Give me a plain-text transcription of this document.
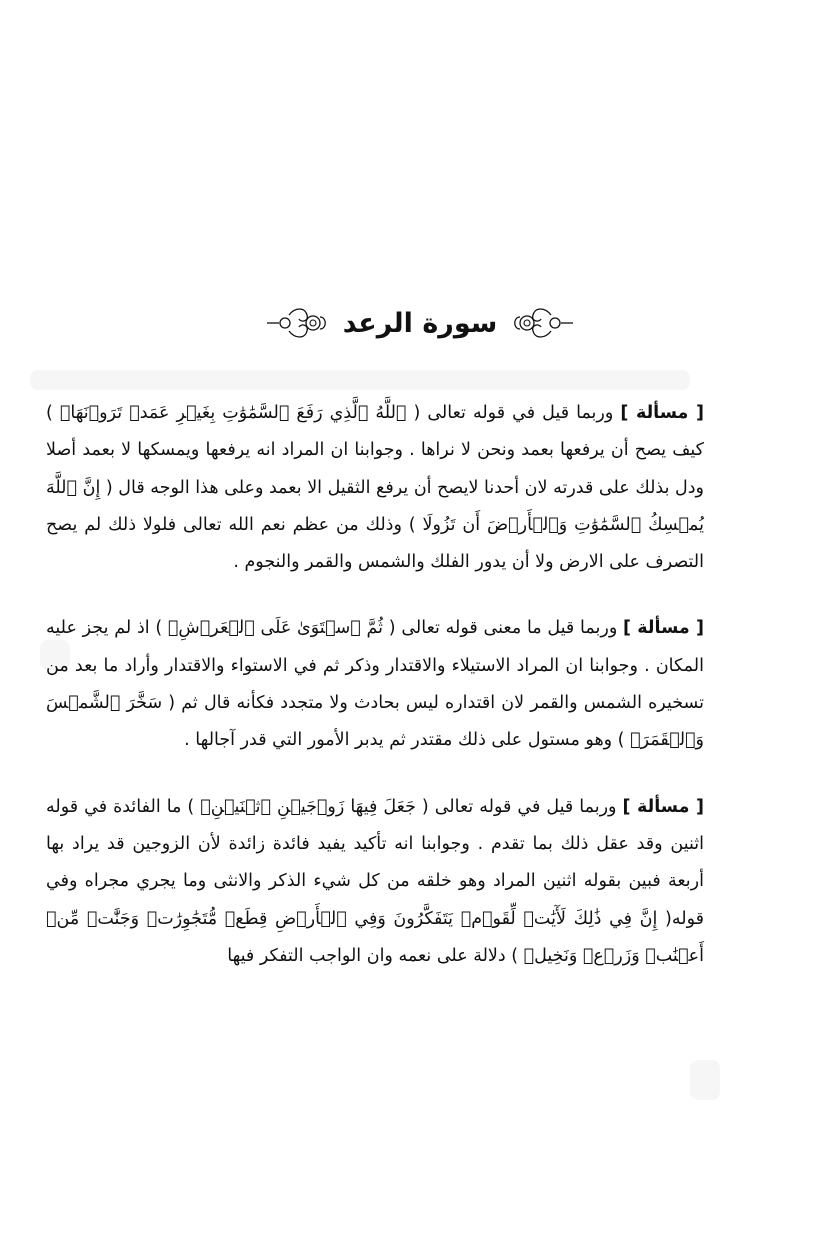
سورة الرعد

[ مسألة ] وربما قيل في قوله تعالى ( ٱللَّهُ ٱلَّذِي رَفَعَ ٱلسَّمَٰوَٰتِ بِغَيۡرِ عَمَدٖ تَرَوۡنَهَاۖ ) كيف يصح أن يرفعها بعمد ونحن لا نراها . وجوابنا ان المراد انه يرفعها ويمسكها لا بعمد أصلا ودل بذلك على قدرته لان أحدنا لايصح أن يرفع الثقيل الا بعمد وعلى هذا الوجه قال ( إِنَّ ٱللَّهَ يُمۡسِكُ ٱلسَّمَٰوَٰتِ وَٱلۡأَرۡضَ أَن تَزُولَا ) وذلك من عظم نعم الله تعالى فلولا ذلك لم يصح التصرف على الارض ولا أن يدور الفلك والشمس والقمر والنجوم .

[ مسألة ] وربما قيل ما معنى قوله تعالى ( ثُمَّ ٱسۡتَوَىٰ عَلَى ٱلۡعَرۡشِۖ ) اذ لم يجز عليه المكان . وجوابنا ان المراد الاستيلاء والاقتدار وذكر ثم في الاستواء والاقتدار وأراد ما بعد من تسخيره الشمس والقمر لان اقتداره ليس بحادث ولا متجدد فكأنه قال ثم ( سَخَّرَ ٱلشَّمۡسَ وَٱلۡقَمَرَۖ ) وهو مستول على ذلك مقتدر ثم يدبر الأمور التي قدر آجالها .

[ مسألة ] وربما قيل في قوله تعالى ( جَعَلَ فِيهَا زَوۡجَيۡنِ ٱثۡنَيۡنِۖ ) ما الفائدة في قوله اثنين وقد عقل ذلك بما تقدم . وجوابنا انه تأكيد يفيد فائدة زائدة لأن الزوجين قد يراد بها أربعة فبين بقوله اثنين المراد وهو خلقه من كل شيء الذكر والانثى وما يجري مجراه وفي قوله( إِنَّ فِي ذَٰلِكَ لَأٓيَٰتٖ لِّقَوۡمٖ يَتَفَكَّرُونَ وَفِي ٱلۡأَرۡضِ قِطَعٞ مُّتَجَٰوِرَٰتٞ وَجَنَّٰتٞ مِّنۡ أَعۡنَٰبٖ وَزَرۡعٞ وَنَخِيلٞ ) دلالة على نعمه وان الواجب التفكر فيها
